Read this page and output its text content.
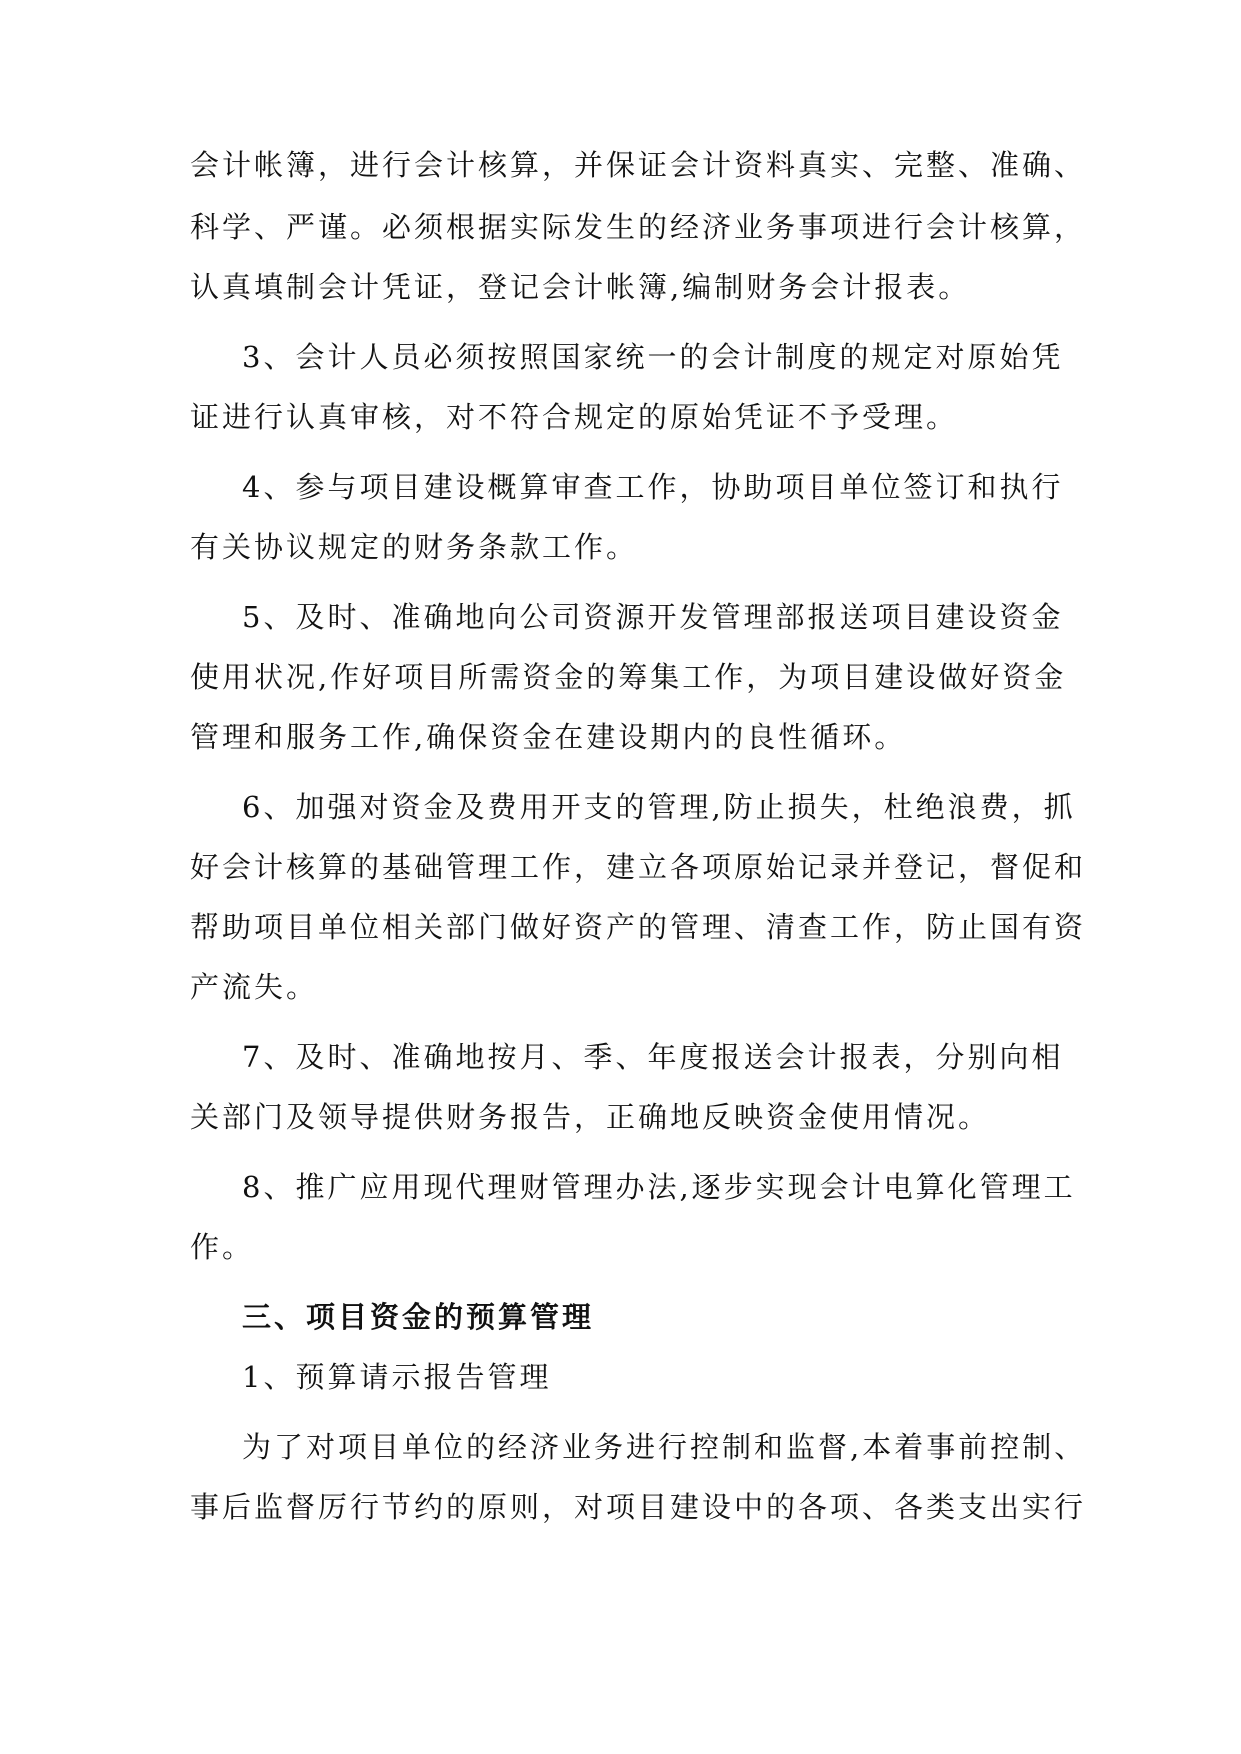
会计帐簿，进行会计核算，并保证会计资料真实、完整、准确、
科学、严谨。必须根据实际发生的经济业务事项进行会计核算，
认真填制会计凭证，登记会计帐簿,编制财务会计报表。
3、会计人员必须按照国家统一的会计制度的规定对原始凭
证进行认真审核，对不符合规定的原始凭证不予受理。
4、参与项目建设概算审查工作，协助项目单位签订和执行
有关协议规定的财务条款工作。
5、及时、准确地向公司资源开发管理部报送项目建设资金
使用状况,作好项目所需资金的筹集工作，为项目建设做好资金
管理和服务工作,确保资金在建设期内的良性循环。
6、加强对资金及费用开支的管理,防止损失，杜绝浪费，抓
好会计核算的基础管理工作，建立各项原始记录并登记，督促和
帮助项目单位相关部门做好资产的管理、清查工作，防止国有资
产流失。
7、及时、准确地按月、季、年度报送会计报表，分别向相
关部门及领导提供财务报告，正确地反映资金使用情况。
8、推广应用现代理财管理办法,逐步实现会计电算化管理工
作。
三、项目资金的预算管理
1、预算请示报告管理
为了对项目单位的经济业务进行控制和监督,本着事前控制、
事后监督厉行节约的原则，对项目建设中的各项、各类支出实行
